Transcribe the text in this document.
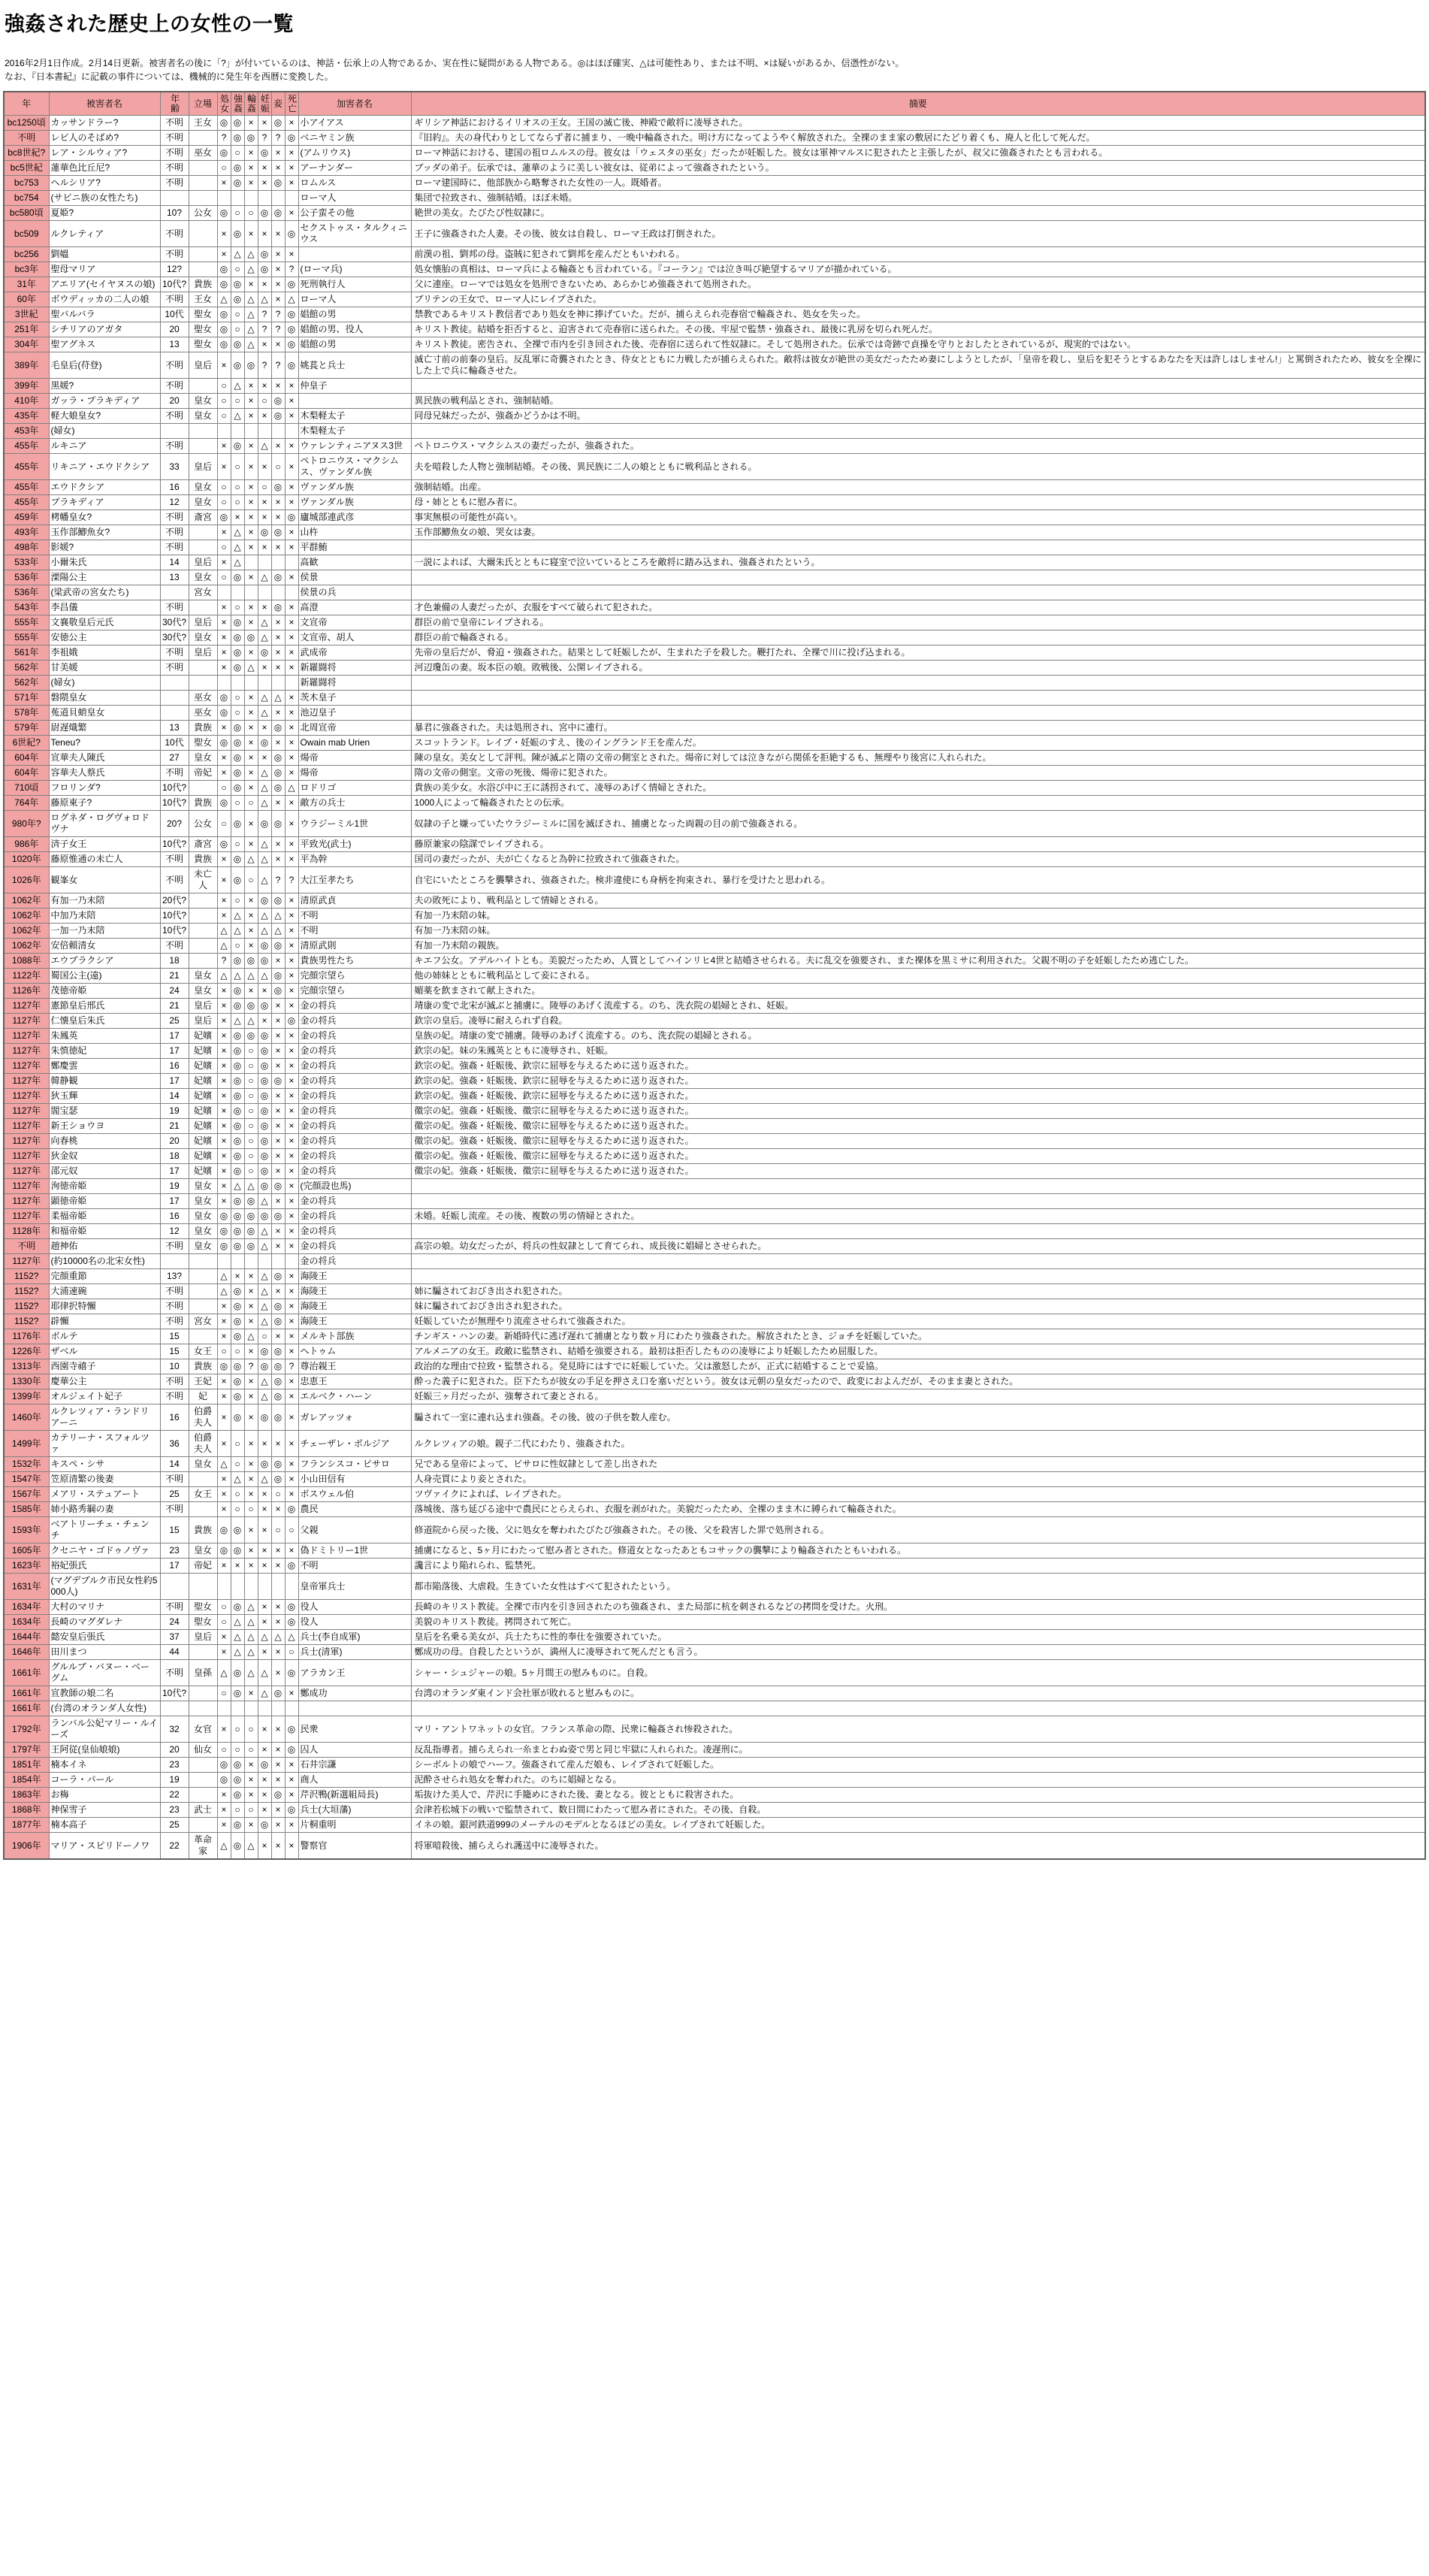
強姦された歴史上の女性の一覧

2016年2月1日作成。2月14日更新。被害者名の後に「?」が付いているのは、神話・伝承上の人物であるか、実在性に疑問がある人物である。◎はほぼ確実、△は可能性あり、または不明、×は疑いがあるか、信憑性がない。

なお、『日本書紀』に記載の事件については、機械的に発生年を西暦に変換した。

年	被害者名	年齢	立場	処女	強姦	輪姦	妊娠	妾	死亡	加害者名	摘要
bc1250頃	カッサンドラー?	不明	王女	◎	◎	×	×	◎	×	小アイアス	ギリシア神話におけるイリオスの王女。王国の滅亡後、神殿で敵将に凌辱された。
不明	レビ人のそばめ?	不明		?	◎	◎	?	?	◎	ベニヤミン族	『旧約』。夫の身代わりとしてならず者に捕まり、一晩中輪姦された。明け方になってようやく解放された。全裸のまま家の敷居にたどり着くも、廃人と化して死んだ。
bc8世紀?	レア・シルウィア?	不明	巫女	◎	○	×	◎	×	×	(アムリウス)	ローマ神話における、建国の祖ロムルスの母。彼女は「ウェスタの巫女」だったが妊娠した。彼女は軍神マルスに犯されたと主張したが、叔父に強姦されたとも言われる。
bc5世紀	蓮華色比丘尼?	不明		○	◎	×	×	×	×	アーナンダー	ブッダの弟子。伝承では、蓮華のように美しい彼女は、従弟によって強姦されたという。
bc753	ヘルシリア?	不明		×	◎	×	×	◎	×	ロムルス	ローマ建国時に、他部族から略奪された女性の一人。既婚者。
bc754	(サビニ族の女性たち)									ローマ人	集団で拉致され、強制結婚。ほぼ未婚。
bc580頃	夏姫?	10?	公女	◎	○	○	◎	◎	×	公子蛮その他	絶世の美女。たびたび性奴隷に。
bc509	ルクレティア	不明		×	◎	×	×	×	◎	セクストゥス・タルクィニウス	王子に強姦された人妻。その後、彼女は自殺し、ローマ王政は打倒された。
bc256	劉媼	不明		×	△	△	◎	×	×		前漢の祖、劉邦の母。盗賊に犯されて劉邦を産んだともいわれる。
bc3年	聖母マリア	12?		◎	○	△	◎	×	?	(ローマ兵)	処女懐胎の真相は、ローマ兵による輪姦とも言われている。『コーラン』では泣き叫び絶望するマリアが描かれている。
31年	アエリア(セイヤヌスの娘)	10代?	貴族	◎	◎	×	×	×	◎	死刑執行人	父に連座。ローマでは処女を処刑できないため、あらかじめ強姦されて処刑された。
60年	ボウディッカの二人の娘	不明	王女	△	◎	△	△	×	△	ローマ人	ブリテンの王女で、ローマ人にレイプされた。
3世紀	聖バルバラ	10代	聖女	◎	○	△	?	?	◎	娼館の男	禁教であるキリスト教信者であり処女を神に捧げていた。だが、捕らえられ売春宿で輪姦され、処女を失った。
251年	シチリアのアガタ	20	聖女	◎	○	△	?	?	◎	娼館の男、役人	キリスト教徒。結婚を拒否すると、迫害されて売春宿に送られた。その後、牢屋で監禁・強姦され、最後に乳房を切られ死んだ。
304年	聖アグネス	13	聖女	◎	◎	△	×	×	◎	娼館の男	キリスト教徒。密告され、全裸で市内を引き回された後、売春宿に送られて性奴隷に。そして処刑された。伝承では奇跡で貞操を守りとおしたとされているが、現実的ではない。
389年	毛皇后(苻登)	不明	皇后	×	◎	◎	?	?	◎	姚萇と兵士	滅亡寸前の前秦の皇后。反乱軍に奇襲されたとき、侍女とともに力戦したが捕らえられた。敵将は彼女が絶世の美女だったため妻にしようとしたが、「皇帝を殺し、皇后を犯そうとするあなたを天は許しはしません!」と罵倒されたため、彼女を全裸にした上で兵に輪姦させた。
399年	黒媛?	不明		○	△	×	×	×	×	仲皇子	
410年	ガッラ・プラキディア	20	皇女	○	○	×	○	◎	×		異民族の戦利品とされ、強制結婚。
435年	軽大娘皇女?	不明	皇女	○	△	×	×	◎	×	木梨軽太子	同母兄妹だったが、強姦かどうかは不明。
453年	(婦女)									木梨軽太子	
455年	ルキニア	不明		×	◎	×	△	×	×	ウァレンティニアヌス3世	ペトロニウス・マクシムスの妻だったが、強姦された。
455年	リキニア・エウドクシア	33	皇后	×	○	×	×	○	×	ペトロニウス・マクシムス、ヴァンダル族	夫を暗殺した人物と強制結婚。その後、異民族に二人の娘とともに戦利品とされる。
455年	エウドクシア	16	皇女	○	○	×	○	◎	×	ヴァンダル族	強制結婚。出産。
455年	プラキディア	12	皇女	○	○	×	×	×	×	ヴァンダル族	母・姉とともに慰み者に。
459年	栲幡皇女?	不明	斎宮	◎	×	×	×	×	◎	廬城部連武彦	事実無根の可能性が高い。
493年	玉作部鯽魚女?	不明		×	△	×	◎	◎	×	山杵	玉作部鯽魚女の娘、哭女は妻。
498年	影媛?	不明		○	△	×	×	×	×	平群鮪	
533年	小爾朱氏	14	皇后	×	△					高歓	一説によれば、大爾朱氏とともに寝室で泣いているところを敵将に踏み込まれ、強姦されたという。
536年	溧陽公主	13	皇女	○	◎	×	△	◎	×	侯景	
536年	(梁武帝の宮女たち)		宮女							侯景の兵	
543年	李昌儀	不明		×	○	×	×	◎	×	高澄	才色兼備の人妻だったが、衣服をすべて破られて犯された。
555年	文襄敬皇后元氏	30代?	皇后	×	◎	×	△	×	×	文宣帝	群臣の前で皇帝にレイプされる。
555年	安徳公主	30代?	皇女	×	◎	◎	△	×	×	文宣帝、胡人	群臣の前で輪姦される。
561年	李祖娥	不明	皇后	×	◎	×	◎	×	×	武成帝	先帝の皇后だが、脅迫・強姦された。結果として妊娠したが、生まれた子を殺した。鞭打たれ、全裸で川に投げ込まれる。
562年	甘美媛	不明		×	◎	△	×	×	×	新羅闘将	河辺瓊缶の妻。坂本臣の娘。敗戦後、公開レイプされる。
562年	(婦女)									新羅闘将	
571年	磐隈皇女		巫女	◎	○	×	△	△	×	茨木皇子	
578年	菟道貝蛸皇女		巫女	◎	○	×	△	×	×	池辺皇子	
579年	尉遅熾繁	13	貴族	×	◎	×	×	◎	×	北周宣帝	暴君に強姦された。夫は処刑され、宮中に連行。
6世紀?	Teneu?	10代	聖女	◎	◎	×	◎	×	×	Owain mab Urien	スコットランド。レイプ・妊娠のすえ、後のイングランド王を産んだ。
604年	宣華夫人陳氏	27	皇女	×	◎	×	×	◎	×	煬帝	陳の皇女。美女として評判。陳が滅ぶと隋の文帝の側室とされた。煬帝に対しては泣きながら関係を拒絶するも、無理やり後宮に入れられた。
604年	容華夫人蔡氏	不明	帝妃	×	◎	×	△	◎	×	煬帝	隋の文帝の側室。文帝の死後、煬帝に犯された。
710頃	フロリンダ?	10代?		○	◎	×	△	◎	△	ロドリゴ	貴族の美少女。水浴び中に王に誘拐されて、凌辱のあげく情婦とされた。
764年	藤原東子?	10代?	貴族	◎	○	○	△	×	×	敵方の兵士	1000人によって輪姦されたとの伝承。
980年?	ログネダ・ログヴォロドヴナ	20?	公女	○	◎	×	◎	◎	×	ウラジーミル1世	奴隷の子と嫌っていたウラジーミルに国を滅ぼされ、捕虜となった両親の目の前で強姦される。
986年	済子女王	10代?	斎宮	◎	○	×	△	×	×	平致光(武士)	藤原兼家の陰謀でレイプされる。
1020年	藤原惟通の未亡人	不明	貴族	×	◎	△	△	×	×	平為幹	国司の妻だったが、夫が亡くなると為幹に拉致されて強姦された。
1026年	観峯女	不明	未亡人	×	◎	○	△	?	?	大江至孝たち	自宅にいたところを襲撃され、強姦された。検非違使にも身柄を拘束され、暴行を受けたと思われる。
1062年	有加一乃末陪	20代?		×	○	×	◎	◎	×	清原武貞	夫の敗死により、戦利品として情婦とされる。
1062年	中加乃末陪	10代?		×	△	×	△	△	×	不明	有加一乃末陪の妹。
1062年	一加一乃末陪	10代?		△	△	×	△	△	×	不明	有加一乃末陪の妹。
1062年	安倍頼清女	不明		△	○	×	◎	◎	×	清原武則	有加一乃末陪の親族。
1088年	エウプラクシア	18		?	◎	◎	◎	×	×	貴族男性たち	キエフ公女。アデルハイトとも。美貌だったため、人質としてハインリヒ4世と結婚させられる。夫に乱交を強要され、また裸体を黒ミサに利用された。父親不明の子を妊娠したため逃亡した。
1122年	蜀国公主(遠)	21	皇女	△	△	△	△	◎	×	完顔宗望ら	他の姉妹とともに戦利品として妾にされる。
1126年	茂徳帝姫	24	皇女	×	◎	×	×	◎	×	完顔宗望ら	媚薬を飲まされて献上された。
1127年	憲節皇后邢氏	21	皇后	×	◎	◎	◎	×	×	金の将兵	靖康の変で北宋が滅ぶと捕虜に。陵辱のあげく流産する。のち、洗衣院の娼婦とされ、妊娠。
1127年	仁懐皇后朱氏	25	皇后	×	△	△	×	×	◎	金の将兵	欽宗の皇后。凌辱に耐えられず自殺。
1127年	朱鳳英	17	妃嬪	×	◎	◎	◎	×	×	金の将兵	皇族の妃。靖康の変で捕虜。陵辱のあげく流産する。のち、洗衣院の娼婦とされる。
1127年	朱慎徳妃	17	妃嬪	×	◎	○	◎	×	×	金の将兵	欽宗の妃。妹の朱鳳英とともに凌辱され、妊娠。
1127年	鄭慶雲	16	妃嬪	×	◎	○	◎	×	×	金の将兵	欽宗の妃。強姦・妊娠後、欽宗に屈辱を与えるために送り返された。
1127年	韓静観	17	妃嬪	×	◎	○	◎	◎	×	金の将兵	欽宗の妃。強姦・妊娠後、欽宗に屈辱を与えるために送り返された。
1127年	狄玉輝	14	妃嬪	×	◎	○	◎	×	×	金の将兵	欽宗の妃。強姦・妊娠後、欽宗に屈辱を与えるために送り返された。
1127年	閻宝瑟	19	妃嬪	×	◎	○	◎	×	×	金の将兵	徽宗の妃。強姦・妊娠後、徽宗に屈辱を与えるために送り返された。
1127年	新王ショウヨ	21	妃嬪	×	◎	○	◎	×	×	金の将兵	徽宗の妃。強姦・妊娠後、徽宗に屈辱を与えるために送り返された。
1127年	向春桃	20	妃嬪	×	◎	○	◎	×	×	金の将兵	徽宗の妃。強姦・妊娠後、徽宗に屈辱を与えるために送り返された。
1127年	狄金奴	18	妃嬪	×	◎	○	◎	×	×	金の将兵	徽宗の妃。強姦・妊娠後、徽宗に屈辱を与えるために送り返された。
1127年	邵元奴	17	妃嬪	×	◎	○	◎	×	×	金の将兵	徽宗の妃。強姦・妊娠後、徽宗に屈辱を与えるために送り返された。
1127年	洵徳帝姫	19	皇女	×	△	△	◎	◎	×	(完顔設也馬)	
1127年	顕徳帝姫	17	皇女	×	◎	◎	△	×	×	金の将兵	
1127年	柔福帝姫	16	皇女	◎	◎	◎	◎	◎	×	金の将兵	未婚。妊娠し流産。その後、複数の男の情婦とされた。
1128年	和福帝姫	12	皇女	◎	◎	◎	△	×	×	金の将兵	
不明	趙神佑	不明	皇女	◎	◎	◎	△	×	×	金の将兵	高宗の娘。幼女だったが、将兵の性奴隷として育てられ、成長後に娼婦とさせられた。
1127年	(約10000名の北宋女性)									金の将兵	
1152?	完顔重節	13?		△	×	×	△	◎	×	海陵王	
1152?	大浦速碗	不明		△	◎	×	△	×	×	海陵王	姉に騙されておびき出され犯された。
1152?	耶律択特懶	不明		×	◎	×	△	◎	×	海陵王	妹に騙されておびき出され犯された。
1152?	辟懶	不明	宮女	×	◎	×	△	◎	×	海陵王	妊娠していたが無理やり流産させられて強姦された。
1176年	ボルテ	15		×	◎	△	○	×	×	メルキト部族	チンギス・ハンの妻。新婚時代に逃げ遅れて捕虜となり数ヶ月にわたり強姦された。解放されたとき、ジョチを妊娠していた。
1226年	ザベル	15	女王	○	○	×	◎	◎	×	ヘトゥム	アルメニアの女王。政敵に監禁され、結婚を強要される。最初は拒否したものの凌辱により妊娠したため屈服した。
1313年	西園寺禧子	10	貴族	◎	◎	?	◎	◎	?	尊治親王	政治的な理由で拉致・監禁される。発見時にはすでに妊娠していた。父は激怒したが、正式に結婚することで妥協。
1330年	慶華公主	不明	王妃	×	◎	×	△	◎	×	忠恵王	酔った義子に犯された。臣下たちが彼女の手足を押さえ口を塞いだという。彼女は元朝の皇女だったので、政変におよんだが、そのまま妻とされた。
1399年	オルジェイト妃子	不明	妃	×	◎	×	△	◎	×	エルベク・ハーン	妊娠三ヶ月だったが、強奪されて妻とされる。
1460年	ルクレツィア・ランドリアーニ	16	伯爵夫人	×	◎	×	◎	◎	×	ガレアッツォ	騙されて一室に連れ込まれ強姦。その後、彼の子供を数人産む。
1499年	カテリーナ・スフォルツァ	36	伯爵夫人	×	○	×	×	×	×	チェーザレ・ボルジア	ルクレツィアの娘。親子二代にわたり、強姦された。
1532年	キスペ・シサ	14	皇女	△	○	×	◎	◎	×	フランシスコ・ピサロ	兄である皇帝によって、ピサロに性奴隷として差し出された
1547年	笠原清繁の後妻	不明		×	△	×	△	◎	×	小山田信有	人身売買により妾とされた。
1567年	メアリ・ステュアート	25	女王	×	○	×	×	○	×	ボスウェル伯	ツヴァイクによれば、レイプされた。
1585年	姉小路秀綱の妻	不明		×	○	○	×	×	◎	農民	落城後、落ち延びる途中で農民にとらえられ、衣服を剥がれた。美貌だったため、全裸のまま木に縛られて輪姦された。
1593年	ベアトリーチェ・チェンチ	15	貴族	◎	◎	×	×	○	○	父親	修道院から戻った後、父に処女を奪われたびたび強姦された。その後、父を殺害した罪で処刑される。
1605年	クセニヤ・ゴドゥノヴァ	23	皇女	◎	◎	×	×	×	×	偽ドミトリー1世	捕虜になると、5ヶ月にわたって慰み者とされた。修道女となったあともコサックの襲撃により輪姦されたともいわれる。
1623年	裕妃張氏	17	帝妃	×	×	×	×	×	◎	不明	讒言により陥れられ、監禁死。
1631年	(マグデブルク市民女性約5000人)									皇帝軍兵士	都市陥落後、大虐殺。生きていた女性はすべて犯されたという。
1634年	大村のマリナ	不明	聖女	○	◎	△	×	×	◎	役人	長崎のキリスト教徒。全裸で市内を引き回されたのち強姦され、また局部に杭を刺されるなどの拷問を受けた。火刑。
1634年	長崎のマグダレナ	24	聖女	○	△	△	×	×	◎	役人	美貌のキリスト教徒。拷問されて死亡。
1644年	懿安皇后張氏	37	皇后	×	△	△	△	△	△	兵士(李自成軍)	皇后を名乗る美女が、兵士たちに性的奉仕を強要されていた。
1646年	田川まつ	44		×	△	△	×	×	○	兵士(清軍)	鄭成功の母。自殺したというが、満州人に凌辱されて死んだとも言う。
1661年	グルルブ・バヌー・ベーグム	不明	皇孫	△	◎	△	△	×	◎	アラカン王	シャー・シュジャーの娘。5ヶ月間王の慰みものに。自殺。
1661年	宣教師の娘二名	10代?		○	◎	×	△	◎	×	鄭成功	台湾のオランダ東インド会社軍が敗れると慰みものに。
1661年	(台湾のオランダ人女性)										
1792年	ランバル公妃マリー・ルイーズ	32	女官	×	○	○	×	×	◎	民衆	マリ・アントワネットの女官。フランス革命の際、民衆に輪姦され惨殺された。
1797年	王阿従(皇仙娘娘)	20	仙女	○	○	○	×	×	◎	囚人	反乱指導者。捕らえられ一糸まとわぬ姿で男と同じ牢獄に入れられた。凌遅刑に。
1851年	楠本イネ	23		◎	◎	×	◎	×	×	石井宗謙	シーボルトの娘でハーフ。強姦されて産んだ娘も、レイプされて妊娠した。
1854年	コーラ・パール	19		◎	◎	×	×	×	×	商人	泥酔させられ処女を奪われた。のちに娼婦となる。
1863年	お梅	22		×	◎	×	×	◎	×	芹沢鴨(新選組局長)	垢抜けた美人で、芹沢に手籠めにされた後、妻となる。彼とともに殺害された。
1868年	神保雪子	23	武士	×	○	○	×	×	◎	兵士(大垣藩)	会津若松城下の戦いで監禁されて、数日間にわたって慰み者にされた。その後、自殺。
1877年	楠本高子	25		×	◎	×	◎	×	×	片桐重明	イネの娘。銀河鉄道999のメーテルのモデルとなるほどの美女。レイプされて妊娠した。
1906年	マリア・スピリドーノワ	22	革命家	△	◎	△	×	×	×	警察官	将軍暗殺後、捕らえられ護送中に凌辱された。
